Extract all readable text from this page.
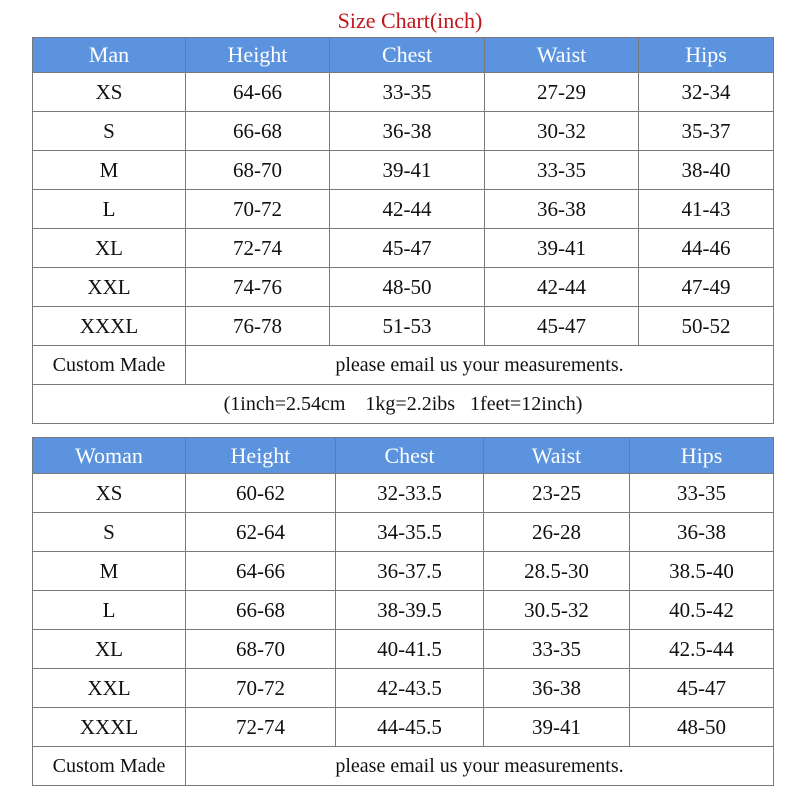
Size Chart(inch)
Man	Height	Chest	Waist	Hips
XS	64-66	33-35	27-29	32-34
S	66-68	36-38	30-32	35-37
M	68-70	39-41	33-35	38-40
L	70-72	42-44	36-38	41-43
XL	72-74	45-47	39-41	44-46
XXL	74-76	48-50	42-44	47-49
XXXL	76-78	51-53	45-47	50-52
Custom Made	please email us your measurements.			
(1inch=2.54cm    1kg=2.2ibs   1feet=12inch)				
Woman	Height	Chest	Waist	Hips
XS	60-62	32-33.5	23-25	33-35
S	62-64	34-35.5	26-28	36-38
M	64-66	36-37.5	28.5-30	38.5-40
L	66-68	38-39.5	30.5-32	40.5-42
XL	68-70	40-41.5	33-35	42.5-44
XXL	70-72	42-43.5	36-38	45-47
XXXL	72-74	44-45.5	39-41	48-50
Custom Made	please email us your measurements.			
